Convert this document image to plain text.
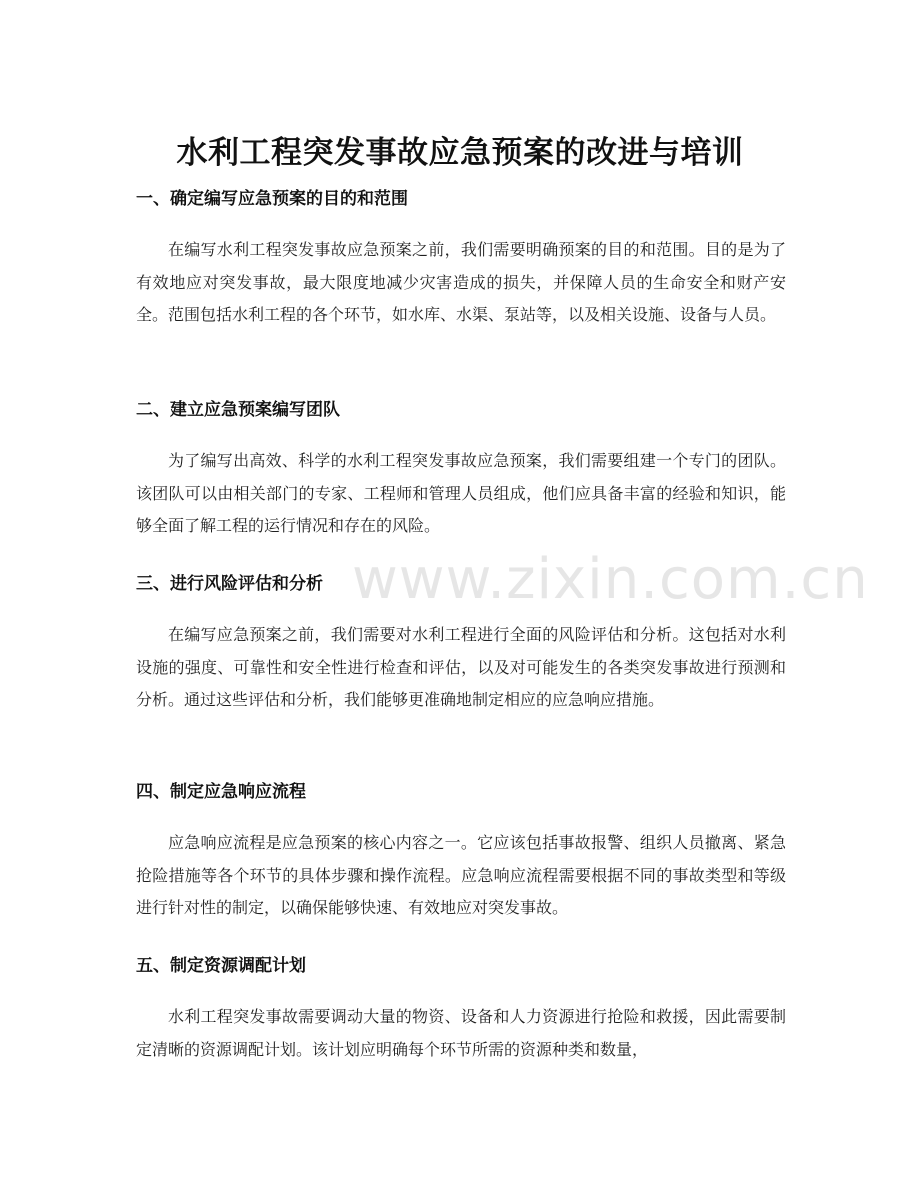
www.zixin.com.cn
水利工程突发事故应急预案的改进与培训
一、确定编写应急预案的目的和范围

在编写水利工程突发事故应急预案之前，我们需要明确预案的目的和范围。目的是为了有效地应对突发事故，最大限度地减少灾害造成的损失，并保障人员的生命安全和财产安全。范围包括水利工程的各个环节，如水库、水渠、泵站等，以及相关设施、设备与人员。

二、建立应急预案编写团队

为了编写出高效、科学的水利工程突发事故应急预案，我们需要组建一个专门的团队。该团队可以由相关部门的专家、工程师和管理人员组成，他们应具备丰富的经验和知识，能够全面了解工程的运行情况和存在的风险。

三、进行风险评估和分析

在编写应急预案之前，我们需要对水利工程进行全面的风险评估和分析。这包括对水利设施的强度、可靠性和安全性进行检查和评估，以及对可能发生的各类突发事故进行预测和分析。通过这些评估和分析，我们能够更准确地制定相应的应急响应措施。

四、制定应急响应流程

应急响应流程是应急预案的核心内容之一。它应该包括事故报警、组织人员撤离、紧急抢险措施等各个环节的具体步骤和操作流程。应急响应流程需要根据不同的事故类型和等级进行针对性的制定，以确保能够快速、有效地应对突发事故。

五、制定资源调配计划

水利工程突发事故需要调动大量的物资、设备和人力资源进行抢险和救援，因此需要制定清晰的资源调配计划。该计划应明确每个环节所需的资源种类和数量，
